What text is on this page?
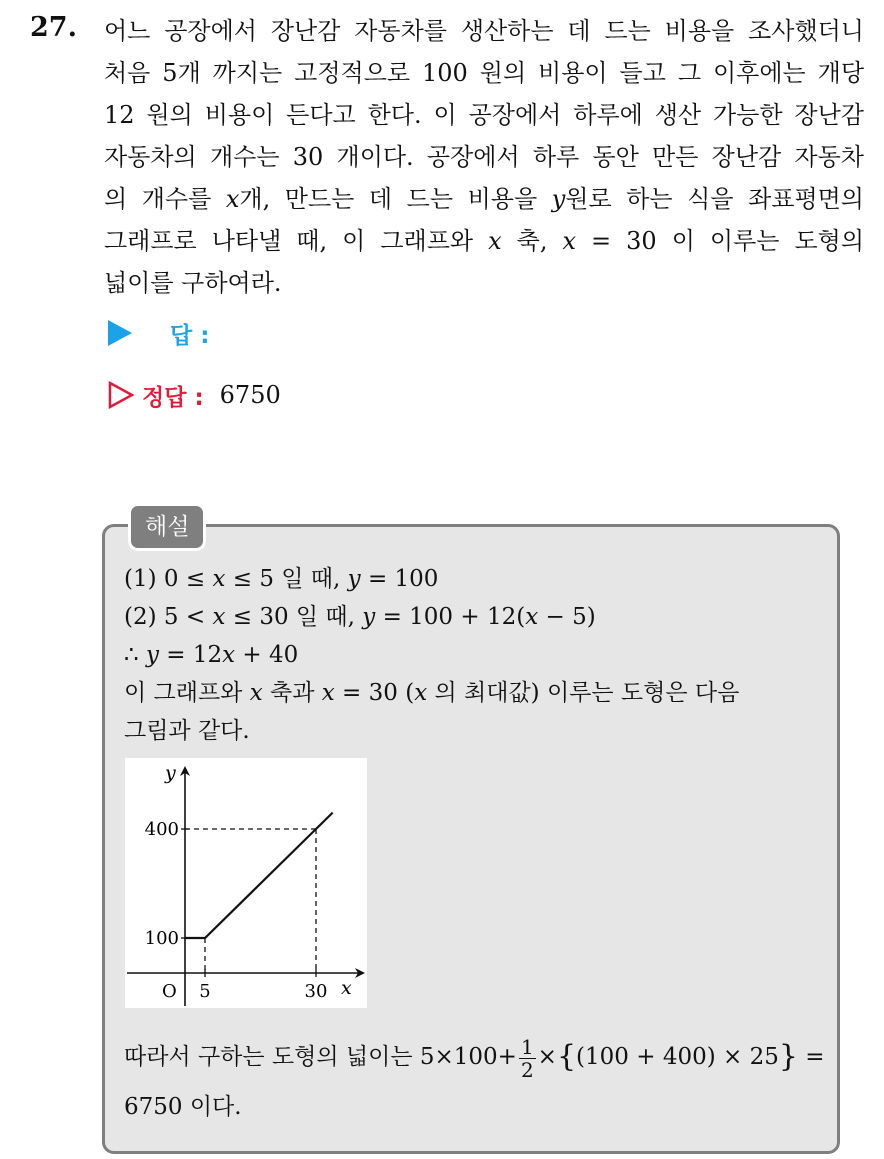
27. 어느 공장에서 장난감 자동차를 생산하는 데 드는 비용을 조사했더니
처음 5개 까지는 고정적으로 100 원의 비용이 들고 그 이후에는 개당
12 원의 비용이 든다고 한다. 이 공장에서 하루에 생산 가능한 장난감
자동차의 개수는 30 개이다. 공장에서 하루 동안 만든 장난감 자동차
의 개수를 x개, 만드는 데 드는 비용을 y원로 하는 식을 좌표평면의
그래프로 나타낼 때, 이 그래프와 x 축, x = 30 이 이루는 도형의
넓이를 구하여라.
답 :
정답 : 6750
해설
(1) 0 ≤ x ≤ 5 일 때, y = 100
(2) 5 < x ≤ 30 일 때, y = 100 + 12(x − 5)
∴ y = 12x + 40
이 그래프와 x 축과 x = 30 (x 의 최대값) 이루는 도형은 다음
그림과 같다.
5	30
100
400
O	x
y
따라서 구하는 도형의 넓이는 $5\times 100+ \frac{1}{2} \times\{(100 + 400) \times 25\}$ =
6750 이다.
